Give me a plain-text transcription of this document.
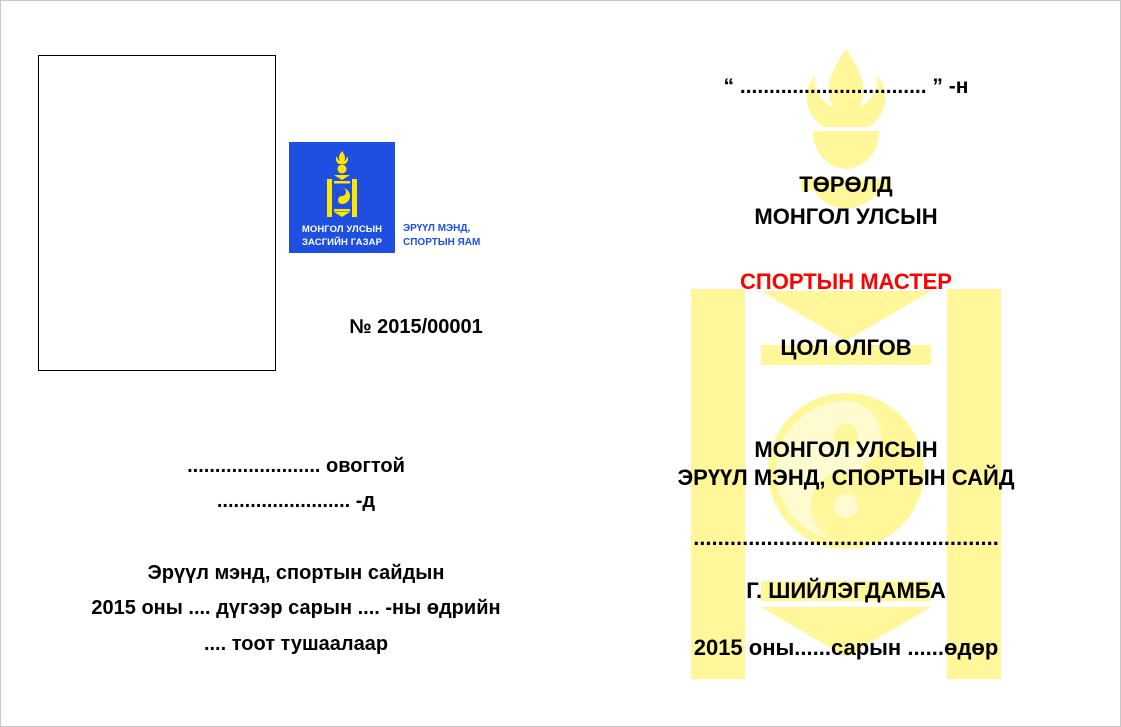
МОНГОЛ УЛСЫН
ЗАСГИЙН ГАЗАР
ЭРҮҮЛ МЭНД,
СПОРТЫН ЯАМ
№ 2015/00001
........................ овогтой
........................ -д
Эрүүл мэнд, спортын сайдын
2015 оны .... дүгээр сарын .... -ны өдрийн
.... тоот тушаалаар
“ ................................ ” -н
ТӨРӨЛД
МОНГОЛ УЛСЫН
СПОРТЫН МАСТЕР
ЦОЛ ОЛГОВ
МОНГОЛ УЛСЫН
ЭРҮҮЛ МЭНД, СПОРТЫН САЙД
..................................................
Г. ШИЙЛЭГДАМБА
2015 оны......сарын ......өдөр
